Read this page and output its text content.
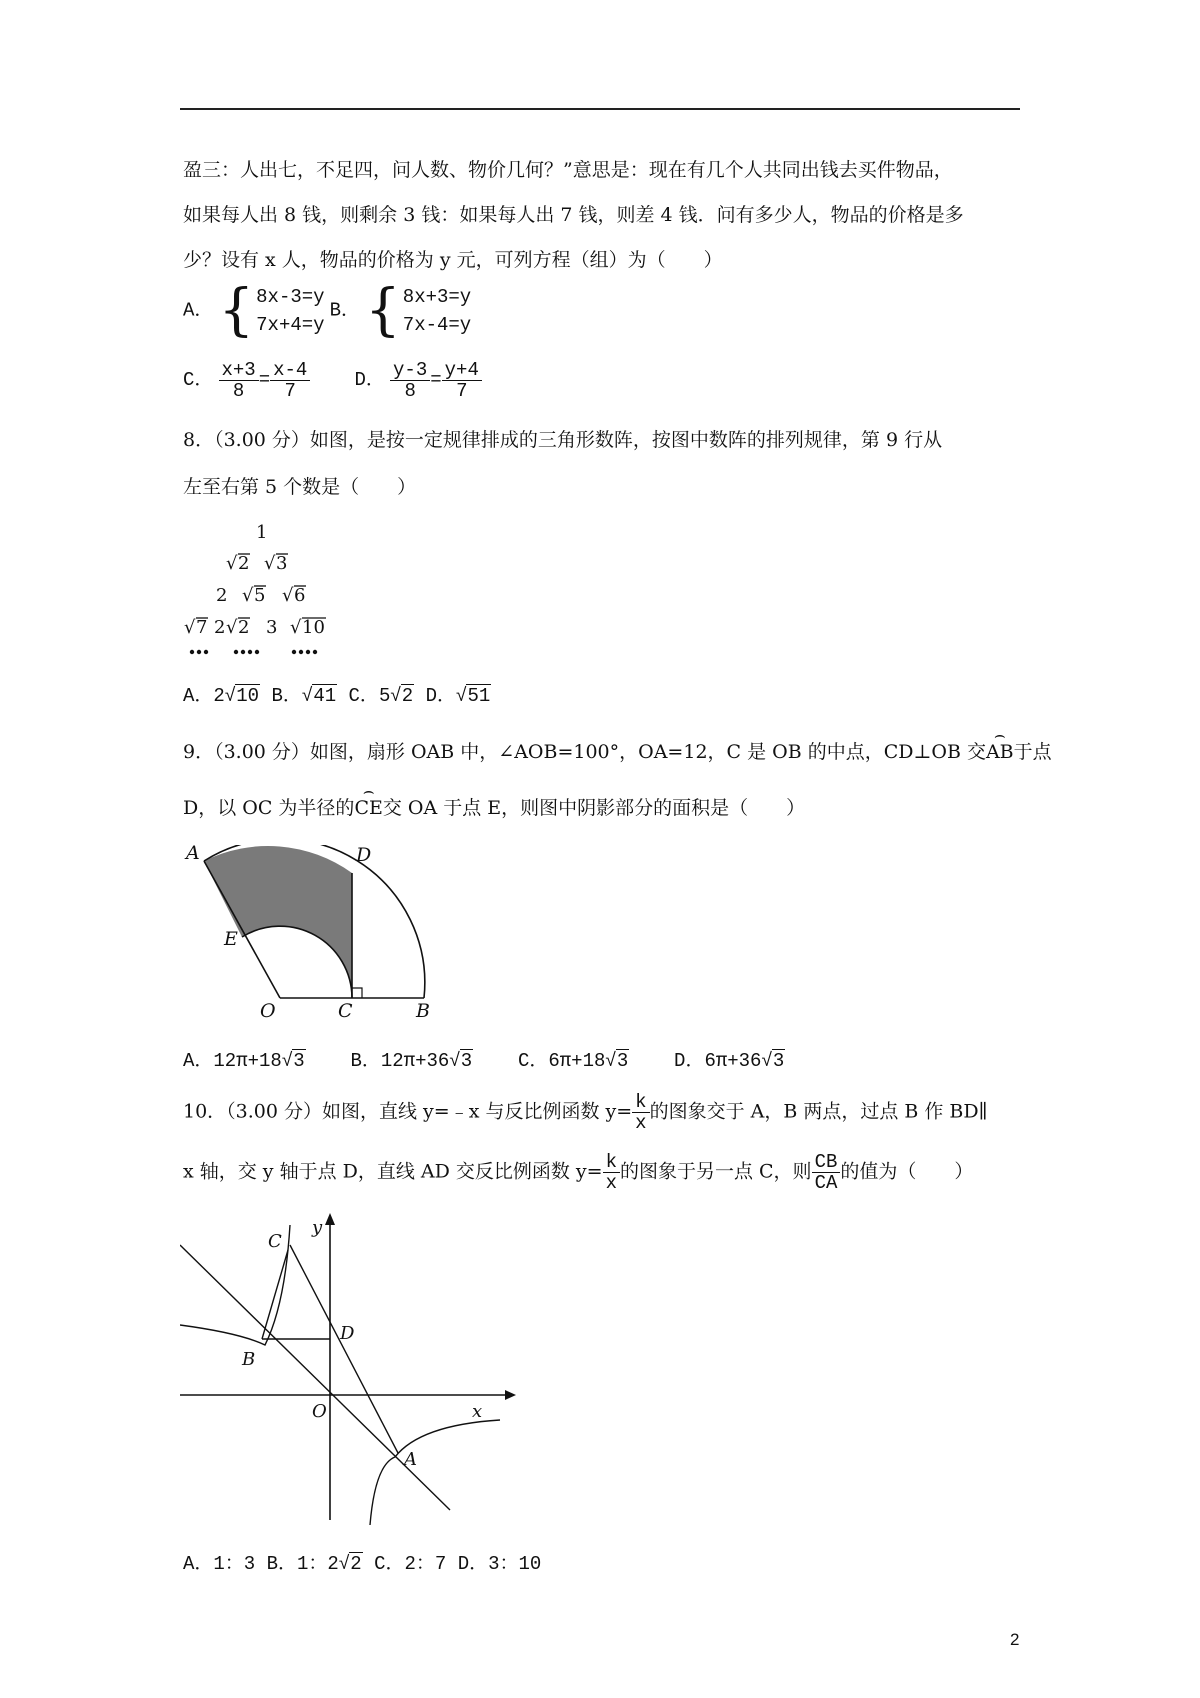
盈三：人出七，不足四，问人数、物价几何？”意思是：现在有几个人共同出钱去买件物品，
如果每人出 8 钱，则剩余 3 钱：如果每人出 7 钱，则差 4 钱．问有多少人，物品的价格是多
少？设有 x 人，物品的价格为 y 元，可列方程（组）为（　　）
A． { 8x-3=y
7x+4=y
B． { 8x+3=y
7x-4=y
C． $\frac{x+3}{8} = \frac{x-4}{7}$ D． $\frac{y-3}{8} = \frac{y+4}{7}$
8．（3.00 分）如图，是按一定规律排成的三角形数阵，按图中数阵的排列规律，第 9 行从
左至右第 5 个数是（　　）
1
√ 2 √ 3
2 √ 5 √ 6
√ 7 2 √ 2 3 √ 10
A．2√10 B．√41 C．5√2 D．√51
9．（3.00 分）如图，扇形 OAB 中，∠AOB=100°，OA=12，C 是 OB 的中点，CD⊥OB 交⌢ AB于点
D，以 OC 为半径的⌢ CE交 OA 于点 E，则图中阴影部分的面积是（　　）
A	D
E
O	C	B
A．12π+18√3 B．12π+36√3 C．6π+18√3 D．6π+36√3
10．（3.00 分）如图，直线 y=﹣x 与反比例函数 $y= \frac{k}{x}$ 的图象交于 A，B 两点，过点 B 作 BD∥
x 轴，交 y 轴于点 D，直线 AD 交反比例函数 $y= \frac{k}{x}$ 的图象于另一点 C，则 $\frac{CB}{CA}$ 的值为（　　）
C
y
D
B
O	x
A
A．1：3 B．1：2√2 C．2：7 D．3：10
2
